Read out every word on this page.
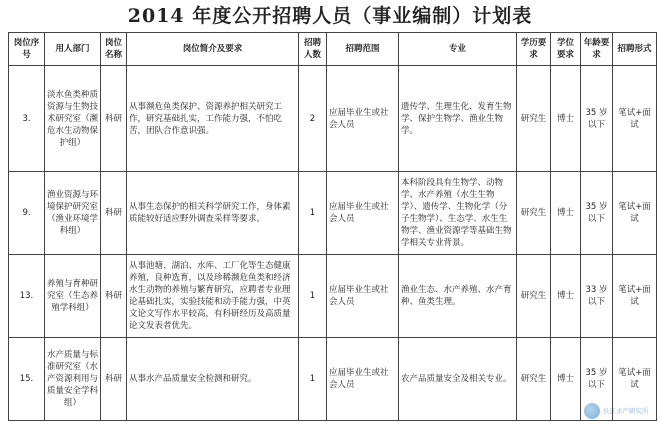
2014 年度公开招聘人员（事业编制）计划表
岗位序号	用人部门	岗位名称	岗位简介及要求	招聘人数	招聘范围	专业	学历要求	学位要求	年龄要求	招聘形式
3.	淡水鱼类种质资源与生物技术研究室（濒危水生动物保护组）	科研	从事濒危鱼类保护、资源养护相关研究工作，研究基础扎实，工作能力强，不怕吃苦，团队合作意识强。	2	应届毕业生或社会人员	遗传学、生理生化、发育生物学、保护生物学、渔业生物学。	研究生	博士	35 岁以下	笔试+面试
9.	渔业资源与环境保护研究室（渔业环境学科组）	科研	从事生态保护的相关科学研究工作，身体素质能较好适应野外调查采样等要求。	1	应届毕业生或社会人员	本科阶段具有生物学、动物学、水产养殖（水生生物学）、遗传学、生物化学（分子生物学）、生态学、水生生物学、渔业资源学等基础生物学相关专业背景。	研究生	博士	35 岁以下	笔试+面试
13.	养殖与育种研究室（生态养殖学科组）	科研	从事池塘、湖泊、水库、工厂化等生态健康养殖，良种选育，以及珍稀濒危鱼类和经济水生动物的养殖与繁育研究，应聘者专业理论基础扎实，实验技能和动手能力强，中英文论文写作水平较高，有科研经历及高质量论文发表者优先。	1	应届毕业生或社会人员	渔业生态、水产养殖、水产育种、鱼类生理。	研究生	博士	33 岁以下	笔试+面试
15.	水产质量与标准研究室（水产资源利用与质量安全学科组）	科研	从事水产品质量安全检测和研究。	1	应届毕业生或社会人员	农产品质量安全及相关专业。	研究生	博士	35 岁以下	笔试+面试
长江水产研究所
